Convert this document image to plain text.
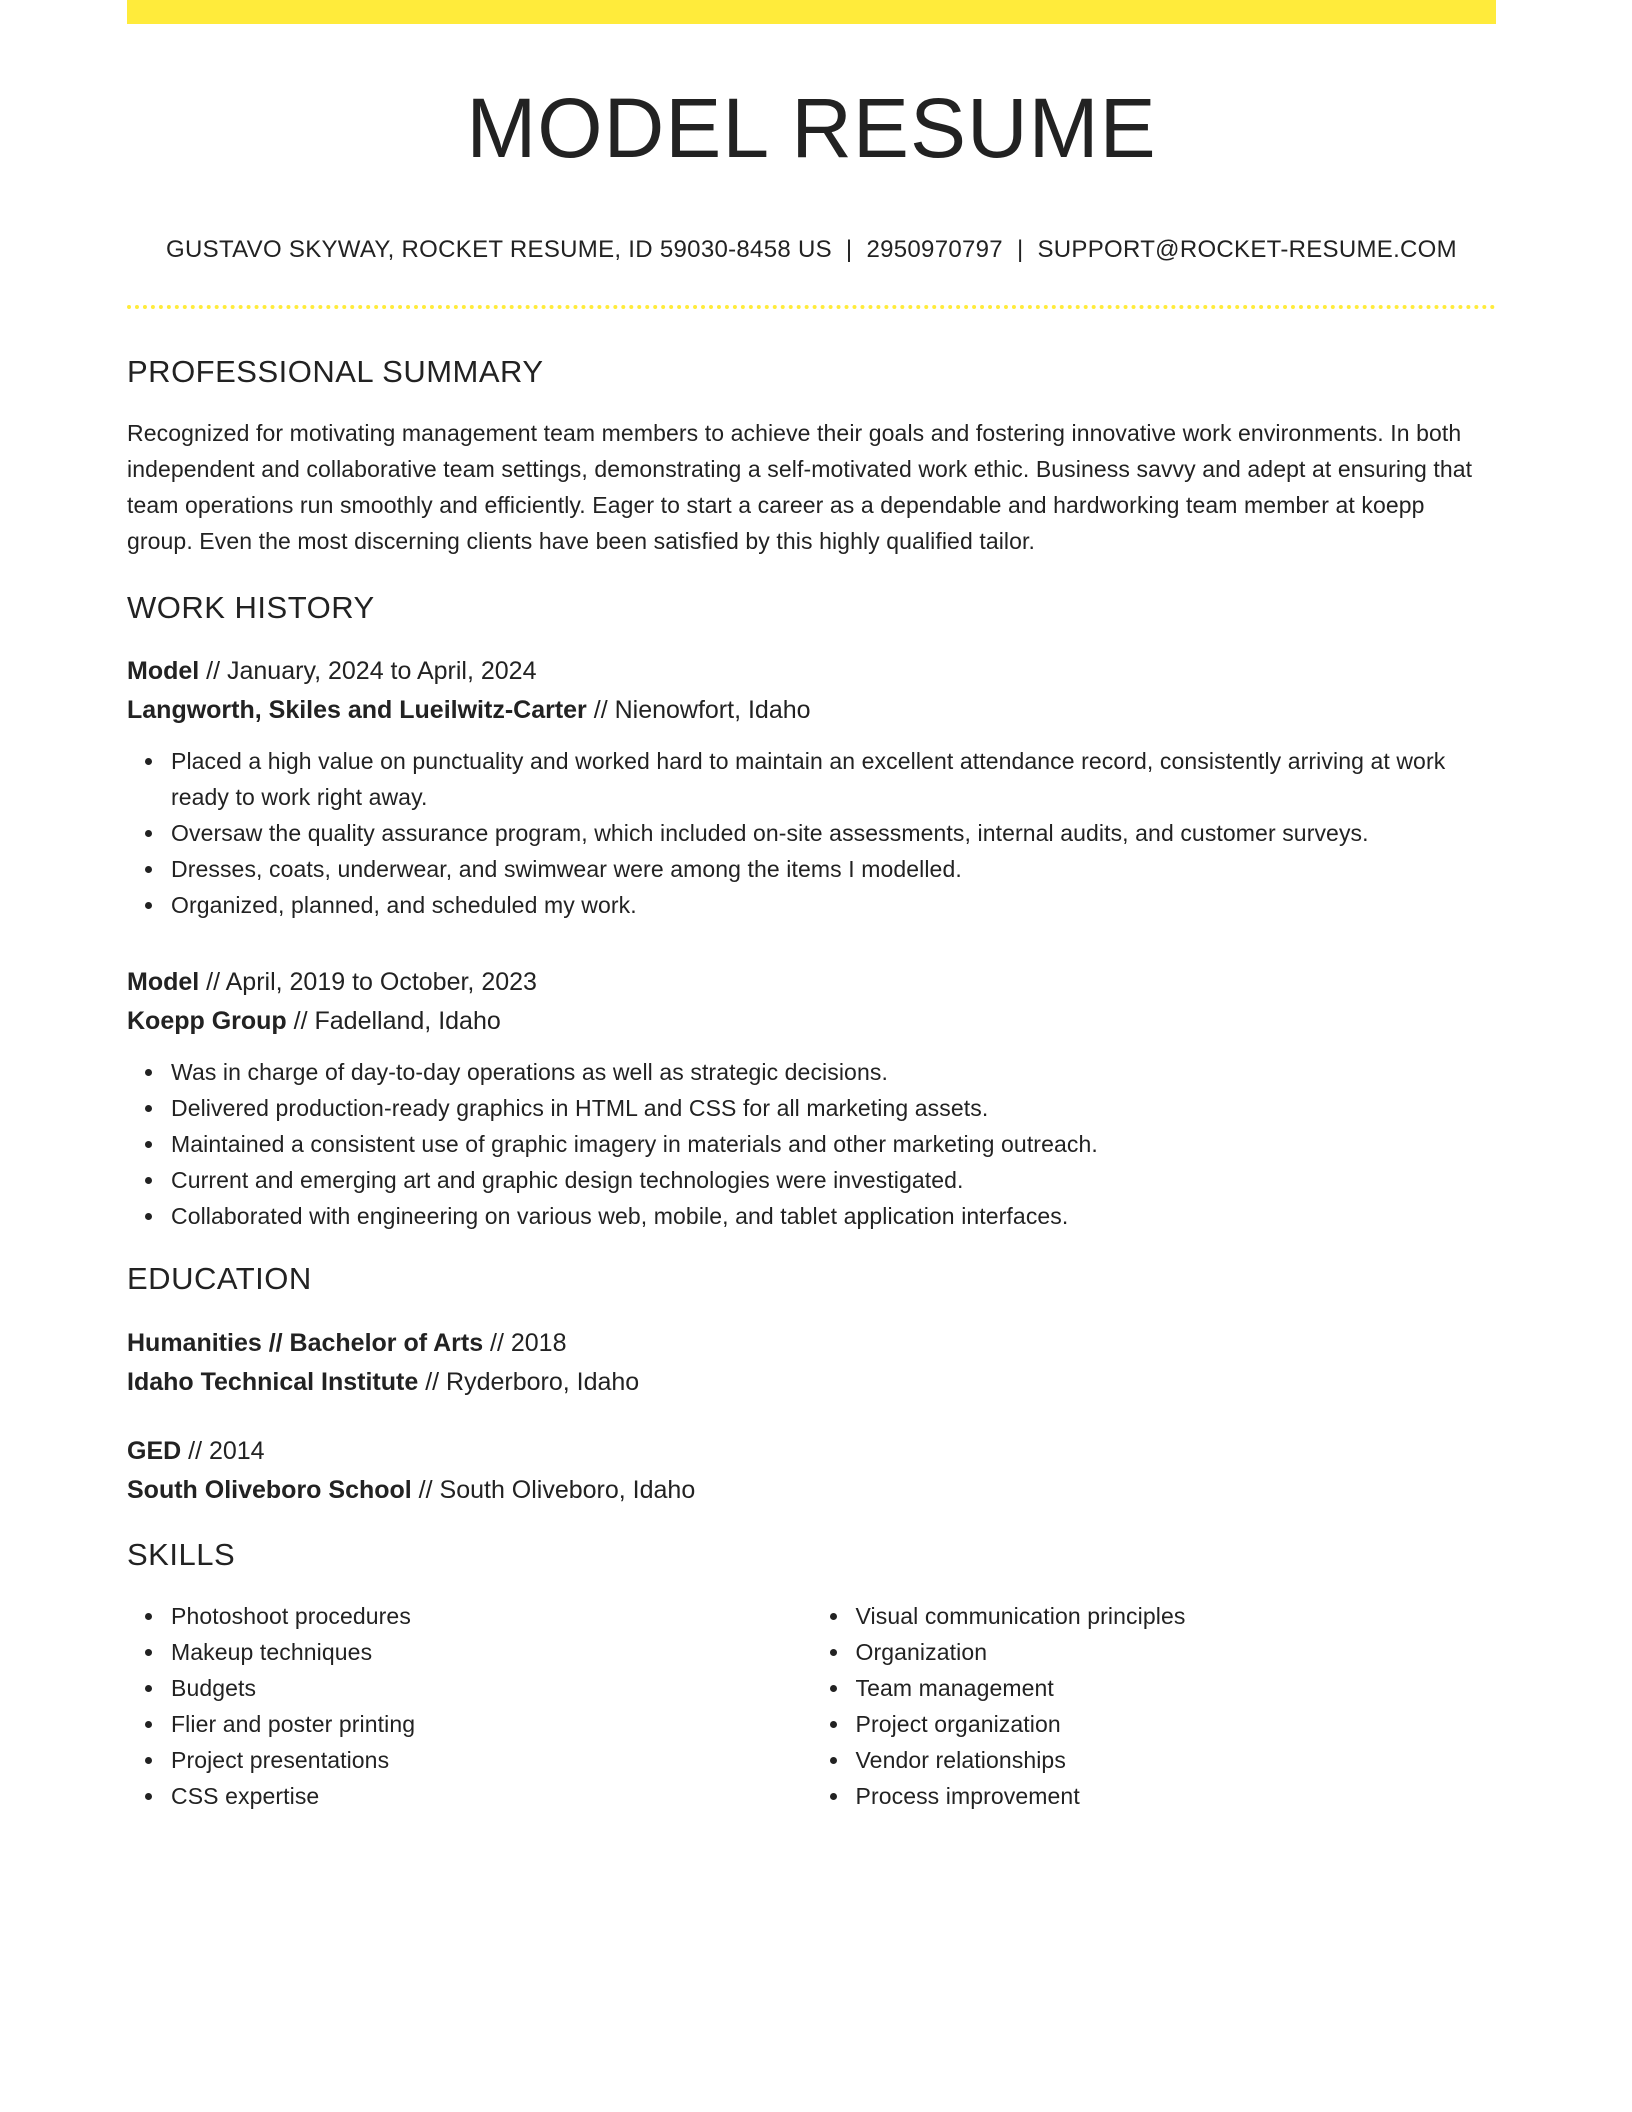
MODEL RESUME
GUSTAVO SKYWAY, ROCKET RESUME, ID 59030-8458 US | 2950970797 | SUPPORT@ROCKET-RESUME.COM
PROFESSIONAL SUMMARY

Recognized for motivating management team members to achieve their goals and fostering innovative work environments. In both independent and collaborative team settings, demonstrating a self-motivated work ethic. Business savvy and adept at ensuring that team operations run smoothly and efficiently. Eager to start a career as a dependable and hardworking team member at koepp group. Even the most discerning clients have been satisfied by this highly qualified tailor.

WORK HISTORY
Model // January, 2024 to April, 2024
Langworth, Skiles and Lueilwitz-Carter // Nienowfort, Idaho
Placed a high value on punctuality and worked hard to maintain an excellent attendance record, consistently arriving at work ready to work right away.
Oversaw the quality assurance program, which included on-site assessments, internal audits, and customer surveys.
Dresses, coats, underwear, and swimwear were among the items I modelled.
Organized, planned, and scheduled my work.
Model // April, 2019 to October, 2023
Koepp Group // Fadelland, Idaho
Was in charge of day-to-day operations as well as strategic decisions.
Delivered production-ready graphics in HTML and CSS for all marketing assets.
Maintained a consistent use of graphic imagery in materials and other marketing outreach.
Current and emerging art and graphic design technologies were investigated.
Collaborated with engineering on various web, mobile, and tablet application interfaces.
EDUCATION
Humanities // Bachelor of Arts // 2018
Idaho Technical Institute // Ryderboro, Idaho
GED // 2014
South Oliveboro School // South Oliveboro, Idaho
SKILLS
Photoshoot procedures
Makeup techniques
Budgets
Flier and poster printing
Project presentations
CSS expertise
Visual communication principles
Organization
Team management
Project organization
Vendor relationships
Process improvement
